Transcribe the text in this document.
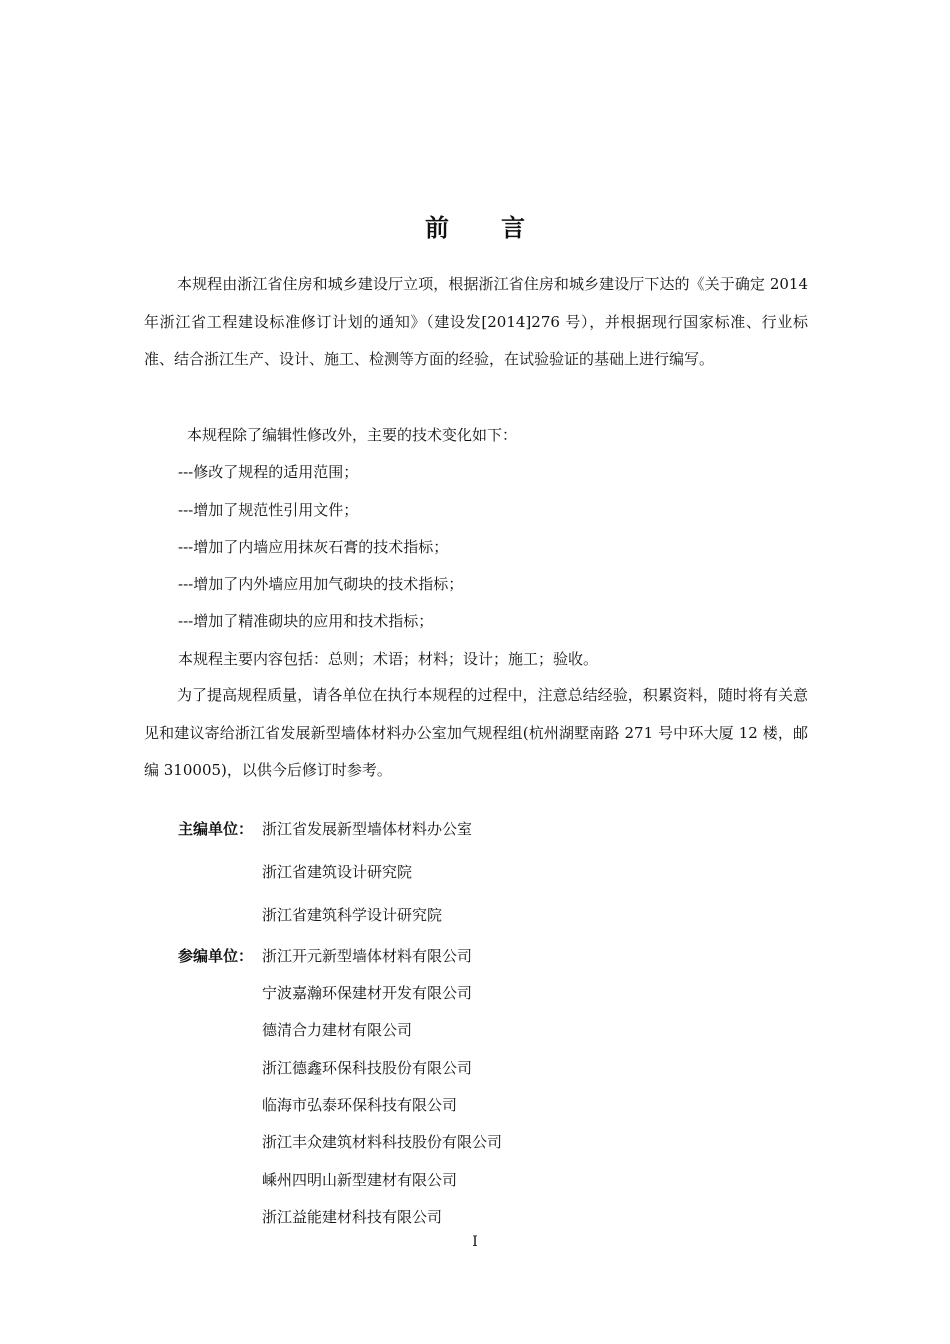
前 言

本规程由浙江省住房和城乡建设厅立项，根据浙江省住房和城乡建设厅下达的《关于确定 2014 年浙江省工程建设标准修订计划的通知》（建设发[2014]276 号），并根据现行国家标准、行业标准、结合浙江生产、设计、施工、检测等方面的经验，在试验验证的基础上进行编写。

本规程除了编辑性修改外，主要的技术变化如下：

---修改了规程的适用范围；

---增加了规范性引用文件；

---增加了内墙应用抹灰石膏的技术指标；

---增加了内外墙应用加气砌块的技术指标；

---增加了精准砌块的应用和技术指标；

本规程主要内容包括：总则；术语；材料；设计；施工；验收。

为了提高规程质量，请各单位在执行本规程的过程中，注意总结经验，积累资料，随时将有关意见和建议寄给浙江省发展新型墙体材料办公室加气规程组(杭州湖墅南路 271 号中环大厦 12 楼，邮编 310005)，以供今后修订时参考。

主编单位： 浙江省发展新型墙体材料办公室
浙江省建筑设计研究院
浙江省建筑科学设计研究院
参编单位： 浙江开元新型墙体材料有限公司
宁波嘉瀚环保建材开发有限公司
德清合力建材有限公司
浙江德鑫环保科技股份有限公司
临海市弘泰环保科技有限公司
浙江丰众建筑材料科技股份有限公司
嵊州四明山新型建材有限公司
浙江益能建材科技有限公司
I
